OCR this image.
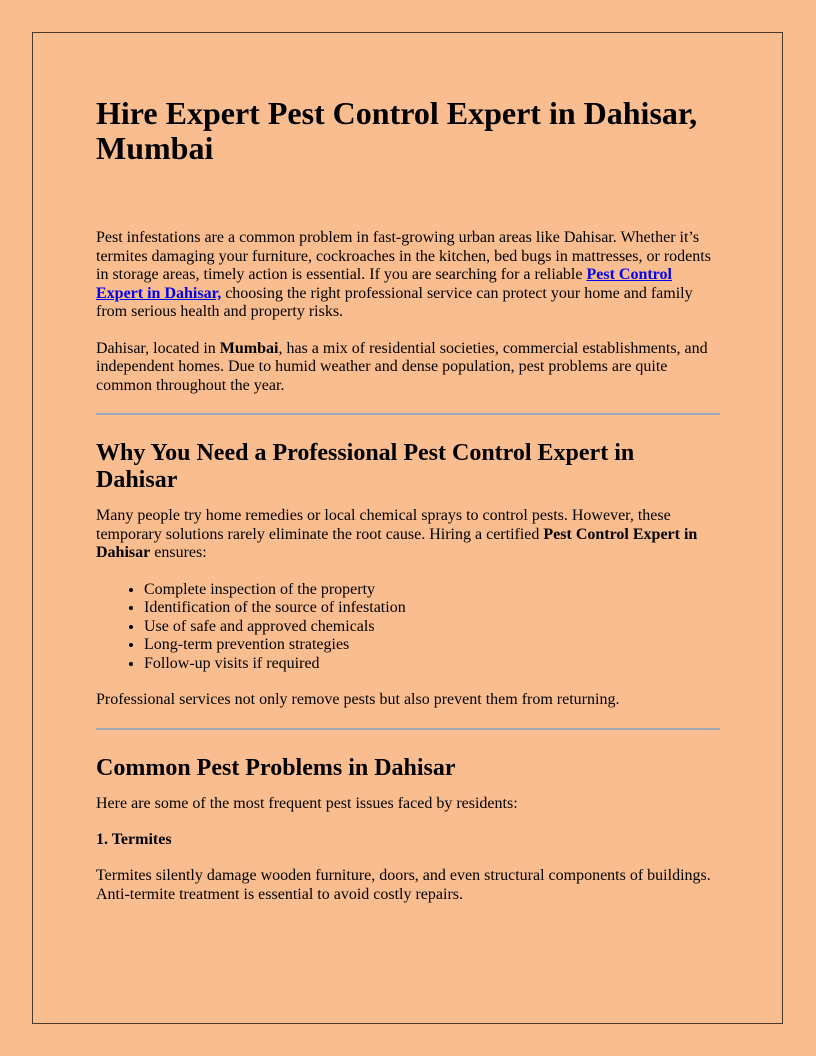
Hire Expert Pest Control Expert in Dahisar, Mumbai

Pest infestations are a common problem in fast-growing urban areas like Dahisar. Whether it’s termites damaging your furniture, cockroaches in the kitchen, bed bugs in mattresses, or rodents in storage areas, timely action is essential. If you are searching for a reliable Pest Control Expert in Dahisar, choosing the right professional service can protect your home and family from serious health and property risks.

Dahisar, located in Mumbai, has a mix of residential societies, commercial establishments, and independent homes. Due to humid weather and dense population, pest problems are quite common throughout the year.

Why You Need a Professional Pest Control Expert in Dahisar

Many people try home remedies or local chemical sprays to control pests. However, these temporary solutions rarely eliminate the root cause. Hiring a certified Pest Control Expert in Dahisar ensures:

• Complete inspection of the property
• Identification of the source of infestation
• Use of safe and approved chemicals
• Long-term prevention strategies
• Follow-up visits if required

Professional services not only remove pests but also prevent them from returning.

Common Pest Problems in Dahisar

Here are some of the most frequent pest issues faced by residents:

1. Termites

Termites silently damage wooden furniture, doors, and even structural components of buildings. Anti-termite treatment is essential to avoid costly repairs.
